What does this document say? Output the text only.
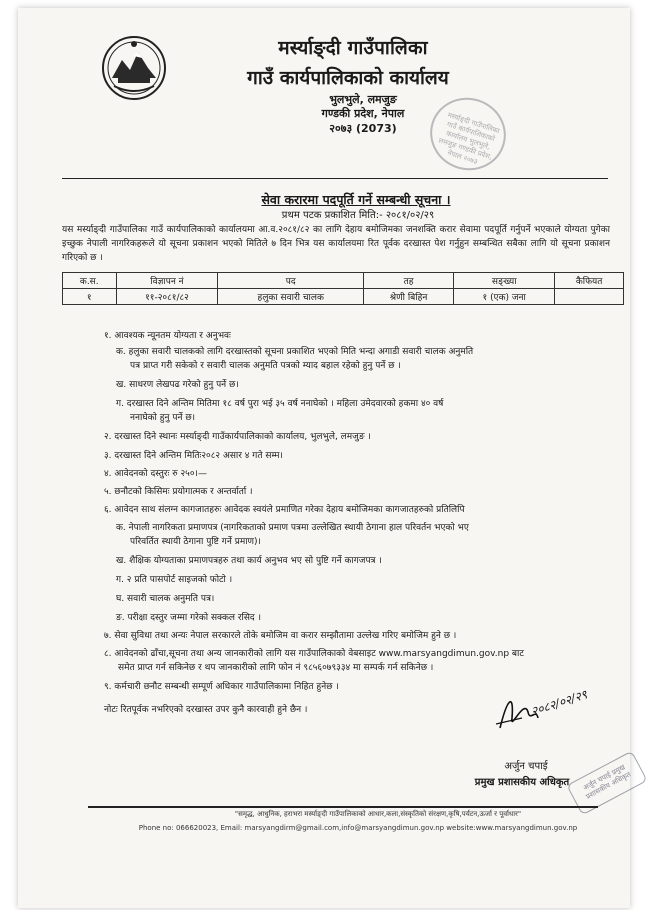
मर्स्याङ्दी गाउँपालिका
गाउँ कार्यपालिकाको कार्यालय
भुलभुले, लमजुङ
गण्डकी प्रदेश, नेपाल
२०७३ (2073)	मर्स्याङ्दी गाउँपालिका गाउँ कार्यपालिकाको कार्यालय भुलभुले, लमजुङ गण्डकी प्रदेश, नेपाल २०७३
सेवा करारमा पदपूर्ति गर्ने सम्बन्धी सूचना ।
प्रथम पटक प्रकाशित मिति:- २०८१/०२/२९
यस मर्स्याङ्दी गाउँपालिका गाउँ कार्यपालिकाको कार्यालयमा आ.व.२०८१/८२ का लागि देहाय बमोजिमका जनशक्ति करार सेवामा पदपूर्ति गर्नुपर्ने भएकाले योग्यता पुगेका इच्छुक नेपाली नागरिकहरूले यो सूचना प्रकाशन भएको मितिले ७ दिन भित्र यस कार्यालयमा रित पूर्वक दरखास्त पेश गर्नुहुन सम्बन्धित सबैका लागि यो सूचना प्रकाशन गरिएको छ ।
क.स.	विज्ञापन नं	पद	तह	सङ्ख्या	कैफियत
१	११-२०८१/८२	हलुका सवारी चालक	श्रेणी बिहिन	१ (एक) जना	
१. आवश्यक न्यूनतम योग्यता र अनुभवः
क. हलुका सवारी चालकको लागि दरखास्तको सूचना प्रकाशित भएको मिति भन्दा अगाडी सवारी चालक अनुमति
पत्र प्राप्त गरी सकेको र सवारी चालक अनुमति पत्रको म्याद बहाल रहेको हुनु पर्ने छ ।
ख. साधरण लेखपढ गरेको हुनु पर्ने छ।
ग. दरखास्त दिने अन्तिम मितिमा १८ वर्ष पुरा भई ३५ वर्ष ननाघेको । महिला उमेदवारको हकमा ४० वर्ष
ननाघेको हुनु पर्ने छ।
२. दरखास्त दिने स्थानः मर्स्याङ्दी गाउँकार्यपालिकाको कार्यालय, भुलभुले, लमजुङ ।
३. दरखास्त दिने अन्तिम मितिः२०८२ असार ४ गते सम्म।
४. आवेदनको दस्तुरः रु २५०।—
५. छनौटको किसिमः प्रयोगात्मक र अन्तर्वार्ता ।
६. आवेदन साथ संलग्न कागजातहरुः आवेदक स्वयंले प्रमाणित गरेका देहाय बमोजिमका कागजातहरुको प्रतिलिपि
क. नेपाली नागरिकता प्रमाणपत्र (नागरिकताको प्रमाण पत्रमा उल्लेखित स्थायी ठेगाना हाल परिवर्तन भएको भए
परिवर्तित स्थायी ठेगाना पुष्टि गर्ने प्रमाण)।
ख. शैक्षिक योग्यताका प्रमाणपत्रहरु तथा कार्य अनुभव भए सो पुष्टि गर्ने कागजपत्र ।
ग. २ प्रति पासपोर्ट साइजको फोटो ।
घ. सवारी चालक अनुमति पत्र।
ङ. परीक्षा दस्तुर जम्मा गरेको सक्कल रसिद ।
७. सेवा सुविधा तथा अन्यः नेपाल सरकारले तोके बमोजिम वा करार सम्झौतामा उल्लेख गरिए बमोजिम हुने छ ।
८. आवेदनको ढाँचा,सूचना तथा अन्य जानकारीको लागि यस गाउँपालिकाको वेबसाइट www.marsyangdimun.gov.np बाट
समेत प्राप्त गर्न सकिनेछ र थप जानकारीको लागि फोन नं ९८५६०७९३३४ मा सम्पर्क गर्न सकिनेछ ।
९. कर्मचारी छनौट सम्बन्धी सम्पूर्ण अधिकार गाउँपालिकामा निहित हुनेछ ।
नोटः रितपूर्वक नभरिएको दरखास्त उपर कुनै कारवाही हुने छैन ।	२०८२/०२/२९
अर्जुन चपाई
प्रमुख प्रशासकीय अधिकृत	अर्जुन चपाई प्रमुख प्रशासकीय अधिकृत
"समृद्ध, आधुनिक, हराभरा मर्स्याङ्दी गाउँपालिकाको आधार,कला,संस्कृतिको संरक्षण,कृषि,पर्यटन,ऊर्जा र पूर्वाधार"
Phone no: 066620023, Email: marsyangdirm@gmail.com,info@marsyangdimun.gov.np website:www.marsyangdimun.gov.np
